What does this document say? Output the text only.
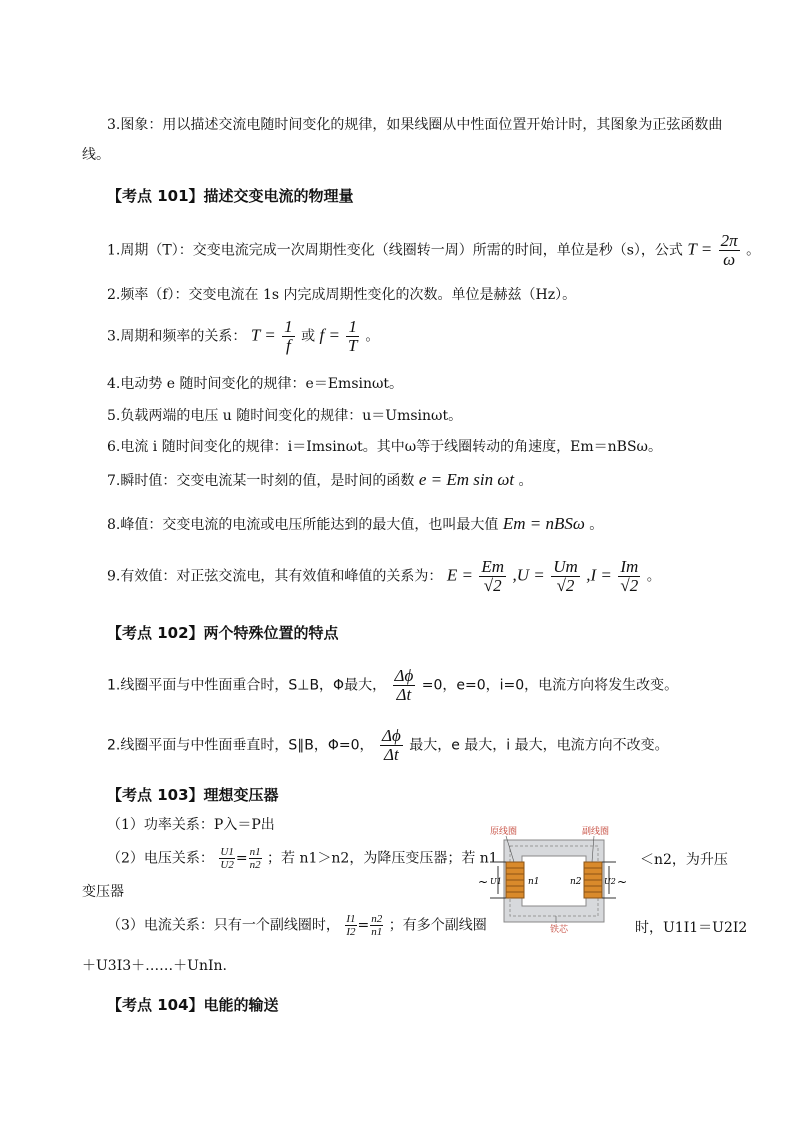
3.图象：用以描述交流电随时间变化的规律，如果线圈从中性面位置开始计时，其图象为正弦函数曲
线。
【考点 101】描述交变电流的物理量
1.周期（T）：交变电流完成一次周期性变化（线圈转一周）所需的时间，单位是秒（s），公式 $T = \frac{2\pi}{\omega}$ 。
2.频率（f）：交变电流在 1s 内完成周期性变化的次数。单位是赫兹（Hz）。
3.周期和频率的关系： $T = \frac{1}{f}$ 或 $f = \frac{1}{T}$ 。
4.电动势 e 随时间变化的规律：e＝Emsinωt。
5.负载两端的电压 u 随时间变化的规律：u＝Umsinωt。
6.电流 i 随时间变化的规律：i＝Imsinωt。其中ω等于线圈转动的角速度，Em＝nBSω。
7.瞬时值：交变电流某一时刻的值，是时间的函数 e = Em sin ωt 。
8.峰值：交变电流的电流或电压所能达到的最大值，也叫最大值 Em = nBSω 。
9.有效值：对正弦交流电，其有效值和峰值的关系为： $E = \frac{Em}{√2} ,U = \frac{Um}{√2} ,I = \frac{Im}{√2}$ 。
【考点 102】两个特殊位置的特点
1.线圈平面与中性面重合时，S⊥B，Φ最大， $\frac{\Delta\phi}{\Delta t} =0$，e=0，i=0，电流方向将发生改变。
2.线圈平面与中性面垂直时，S∥B，Φ=0， $\frac{\Delta\phi}{\Delta t}$ 最大，e 最大，i 最大，电流方向不改变。
【考点 103】理想变压器
（1）功率关系：P入＝P出
（2）电压关系： $\frac{U1}{U2} = \frac{n1}{n2}$ ；若 n1＞n2，为降压变压器；若 n1	＜n2，为升压
变压器
（3）电流关系：只有一个副线圈时， $\frac{I1}{I2} = \frac{n2}{n1}$ ；有多个副线圈	时，U1I1＝U2I2
＋U3I3＋……＋UnIn.
~	~
U1	U2
n1	n2
原线圈	副线圈
铁芯
【考点 104】电能的输送
